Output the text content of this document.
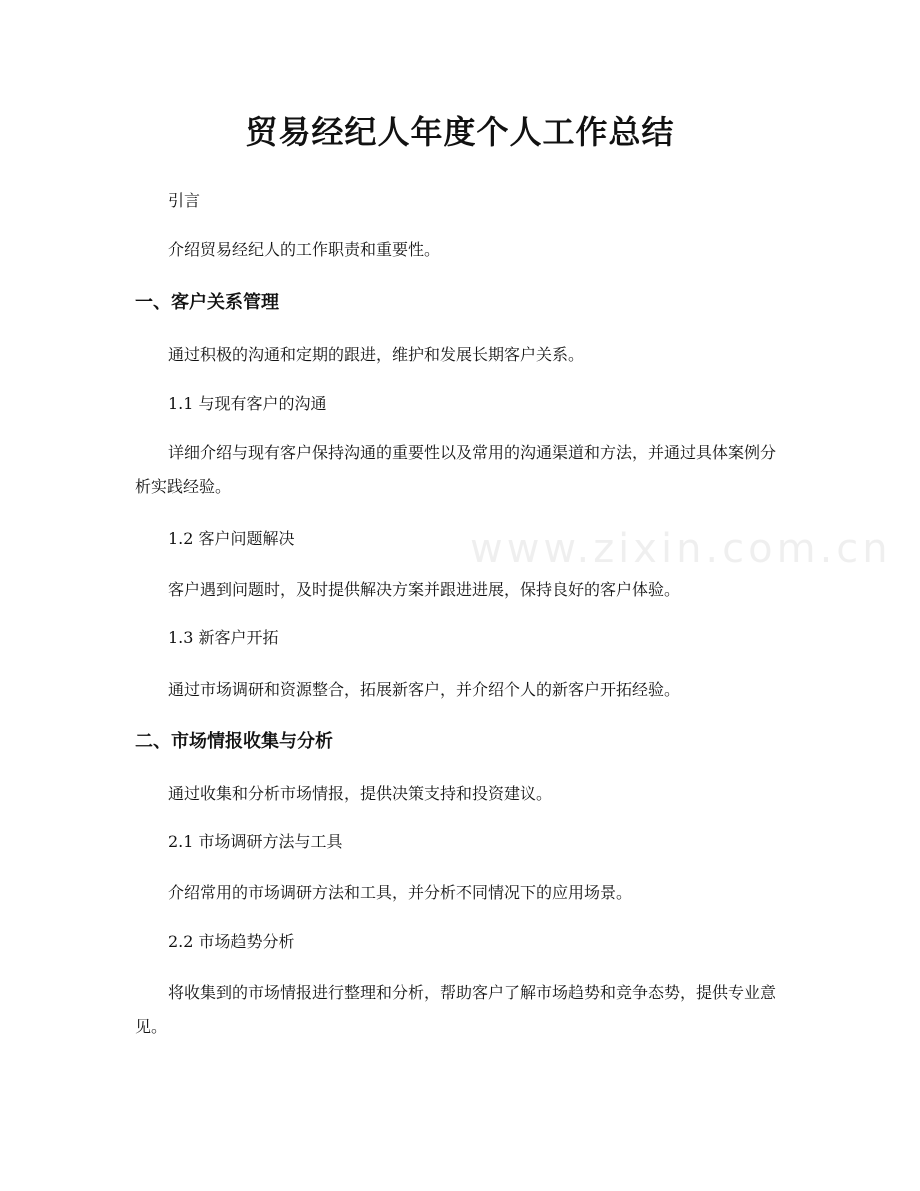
贸易经纪人年度个人工作总结

引言

介绍贸易经纪人的工作职责和重要性。

一、客户关系管理

通过积极的沟通和定期的跟进，维护和发展长期客户关系。

1.1 与现有客户的沟通

详细介绍与现有客户保持沟通的重要性以及常用的沟通渠道和方法，并通过具体案例分析实践经验。

1.2 客户问题解决

客户遇到问题时，及时提供解决方案并跟进进展，保持良好的客户体验。

1.3 新客户开拓

通过市场调研和资源整合，拓展新客户，并介绍个人的新客户开拓经验。

二、市场情报收集与分析

通过收集和分析市场情报，提供决策支持和投资建议。

2.1 市场调研方法与工具

介绍常用的市场调研方法和工具，并分析不同情况下的应用场景。

2.2 市场趋势分析

将收集到的市场情报进行整理和分析，帮助客户了解市场趋势和竞争态势，提供专业意见。

www.zixin.com.cn
